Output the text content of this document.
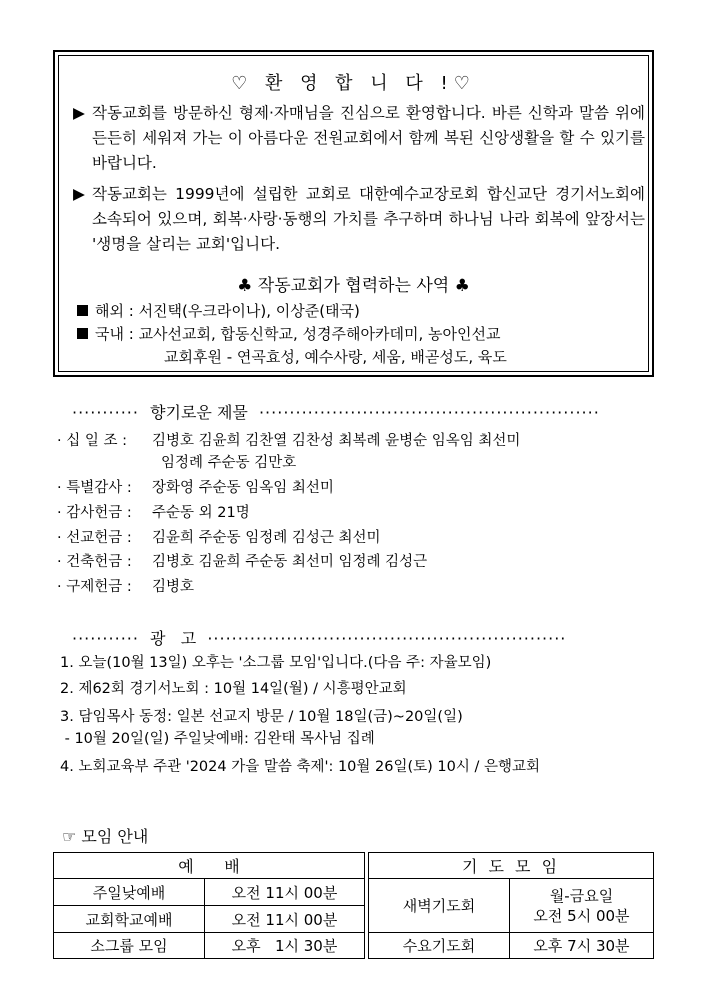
♡ 환 영 합 니 다 !♡
▶ 작동교회를 방문하신 형제·자매님을 진심으로 환영합니다. 바른 신학과 말씀 위에 든든히 세워져 가는 이 아름다운 전원교회에서 함께 복된 신앙생활을 할 수 있기를 바랍니다.
▶ 작동교회는 1999년에 설립한 교회로 대한예수교장로회 합신교단 경기서노회에 소속되어 있으며, 회복·사랑·동행의 가치를 추구하며 하나님 나라 회복에 앞장서는 '생명을 살리는 교회'입니다.
♣ 작동교회가 협력하는 사역 ♣
해외 : 서진택(우크라이나), 이상준(태국)
국내 : 교사선교회, 합동신학교, 성경주해아카데미, 농아인선교
교회후원 - 연곡효성, 예수사랑, 세움, 배곧성도, 육도
··········· 향기로운 제물 ························································
· 십 일 조 : 김병호 김윤희 김찬열 김찬성 최복례 윤병순 임옥임 최선미
임정례 주순동 김만호
· 특별감사 : 장화영 주순동 임옥임 최선미
· 감사헌금 : 주순동 외 21명
· 선교헌금 : 김윤희 주순동 임정례 김성근 최선미
· 건축헌금 : 김병호 김윤희 주순동 최선미 임정례 김성근
· 구제헌금 : 김병호
··········· 광   고 ···························································
1. 오늘(10월 13일) 오후는 '소그룹 모임'입니다.(다음 주: 자율모임)
2. 제62회 경기서노회 : 10월 14일(월) / 시흥평안교회
3. 담임목사 동정: 일본 선교지 방문 / 10월 18일(금)~20일(일)
- 10월 20일(일) 주일낮예배: 김완태 목사님 집례
4. 노회교육부 주관 '2024 가을 말씀 축제': 10월 26일(토) 10시 / 은행교회
☞ 모임 안내
예      배	
주일낮예배	오전 11시 00분
교회학교예배	오전 11시 00분
소그룹 모임	오후   1시 30분
기 도 모 임	
새벽기도회	월-금요일
오전 5시 00분

수요기도회	오후 7시 30분
